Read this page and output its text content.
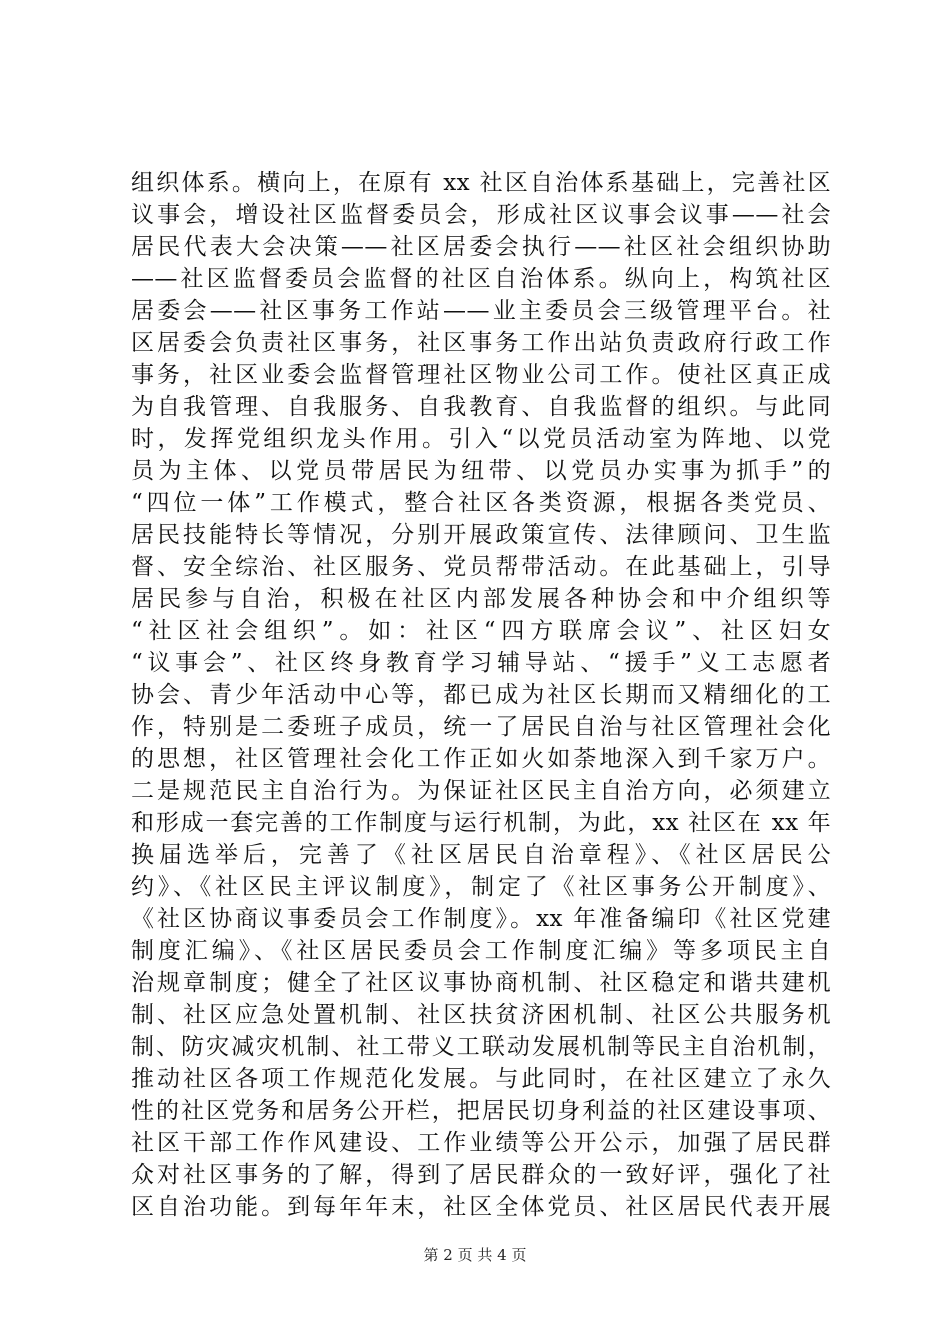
组织体系。横向上，在原有 xx 社区自治体系基础上，完善社区
议事会，增设社区监督委员会，形成社区议事会议事——社会
居民代表大会决策——社区居委会执行——社区社会组织协助
——社区监督委员会监督的社区自治体系。纵向上，构筑社区
居委会——社区事务工作站——业主委员会三级管理平台。社
区居委会负责社区事务，社区事务工作出站负责政府行政工作
事务，社区业委会监督管理社区物业公司工作。使社区真正成
为自我管理、自我服务、自我教育、自我监督的组织。与此同
时，发挥党组织龙头作用。引入“以党员活动室为阵地、以党
员为主体、以党员带居民为纽带、以党员办实事为抓手”的
“四位一体”工作模式，整合社区各类资源，根据各类党员、
居民技能特长等情况，分别开展政策宣传、法律顾问、卫生监
督、安全综治、社区服务、党员帮带活动。在此基础上，引导
居民参与自治，积极在社区内部发展各种协会和中介组织等
“社区社会组织”。如：社区“四方联席会议”、社区妇女
“议事会”、社区终身教育学习辅导站、“援手”义工志愿者
协会、青少年活动中心等，都已成为社区长期而又精细化的工
作，特别是二委班子成员，统一了居民自治与社区管理社会化
的思想，社区管理社会化工作正如火如荼地深入到千家万户。
二是规范民主自治行为。为保证社区民主自治方向，必须建立
和形成一套完善的工作制度与运行机制，为此，xx 社区在 xx 年
换届选举后，完善了《社区居民自治章程》、《社区居民公
约》、《社区民主评议制度》，制定了《社区事务公开制度》、
《社区协商议事委员会工作制度》。xx 年准备编印《社区党建
制度汇编》、《社区居民委员会工作制度汇编》等多项民主自
治规章制度；健全了社区议事协商机制、社区稳定和谐共建机
制、社区应急处置机制、社区扶贫济困机制、社区公共服务机
制、防灾减灾机制、社工带义工联动发展机制等民主自治机制，
推动社区各项工作规范化发展。与此同时，在社区建立了永久
性的社区党务和居务公开栏，把居民切身利益的社区建设事项、
社区干部工作作风建设、工作业绩等公开公示，加强了居民群
众对社区事务的了解，得到了居民群众的一致好评，强化了社
区自治功能。到每年年末，社区全体党员、社区居民代表开展
第 2 页 共 4 页
